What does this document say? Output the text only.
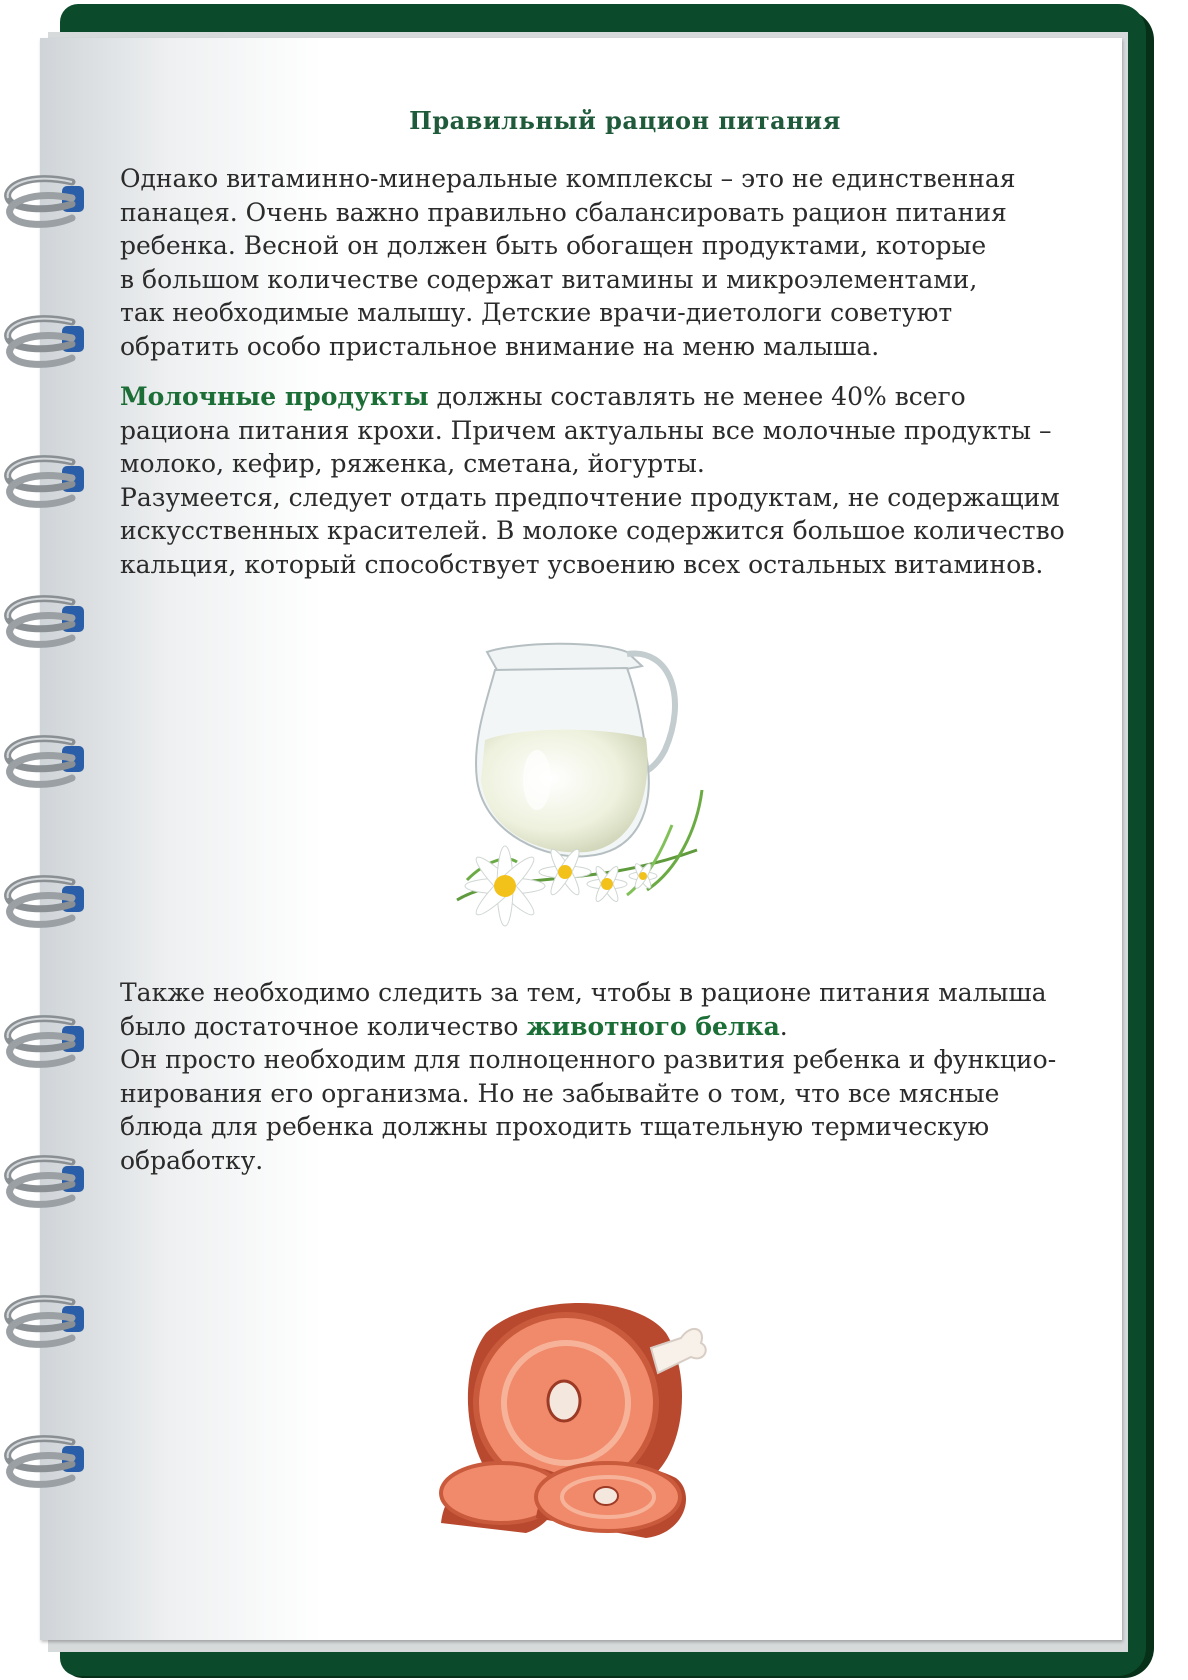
Правильный рацион питания

Однако витаминно-минеральные комплексы – это не единственная
панацея. Очень важно правильно сбалансировать рацион питания
ребенка. Весной он должен быть обогащен продуктами, которые
в большом количестве содержат витамины и микроэлементами,
так необходимые малышу. Детские врачи-диетологи советуют
обратить особо пристальное внимание на меню малыша.

Молочные продукты должны составлять не менее 40% всего
рациона питания крохи. Причем актуальны все молочные продукты –
молоко, кефир, ряженка, сметана, йогурты.
Разумеется, следует отдать предпочтение продуктам, не содержащим
искусственных красителей. В молоке содержится большое количество
кальция, который способствует усвоению всех остальных витаминов.

Также необходимо следить за тем, чтобы в рационе питания малыша
было достаточное количество животного белка.
Он просто необходим для полноценного развития ребенка и функцио-
нирования его организма. Но не забывайте о том, что все мясные
блюда для ребенка должны проходить тщательную термическую
обработку.
